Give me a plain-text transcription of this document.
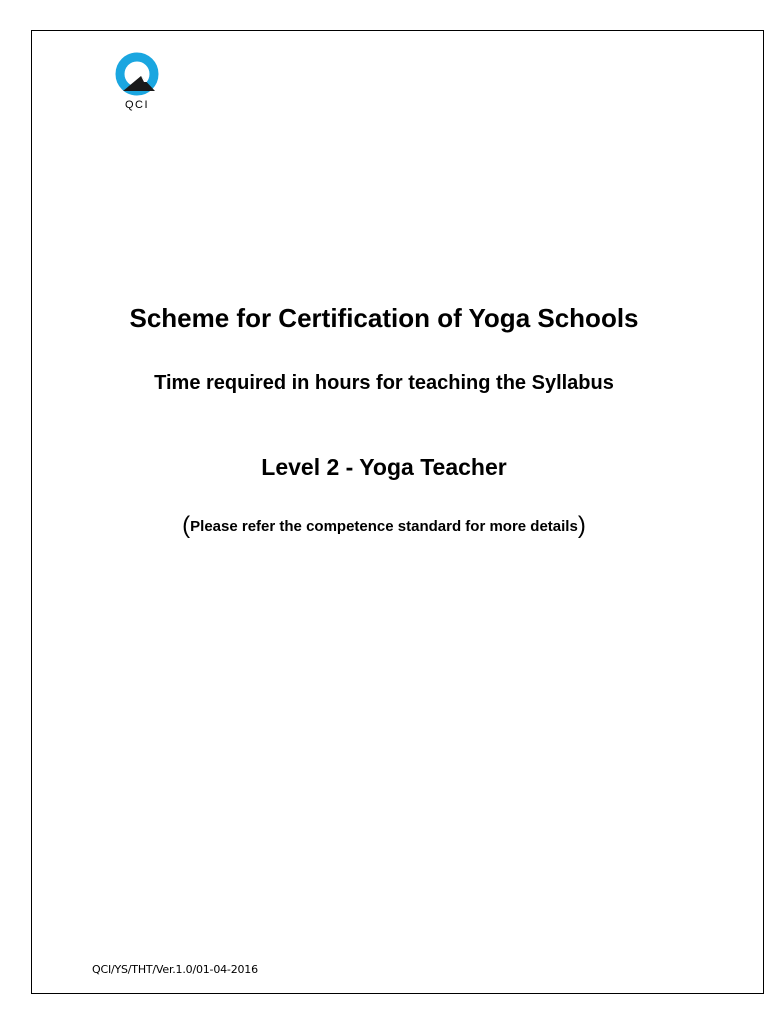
QCI
Scheme for Certification of Yoga Schools
Time required in hours for teaching the Syllabus
Level 2 - Yoga Teacher
(Please refer the competence standard for more details)
QCI/YS/THT/Ver.1.0/01-04-2016
